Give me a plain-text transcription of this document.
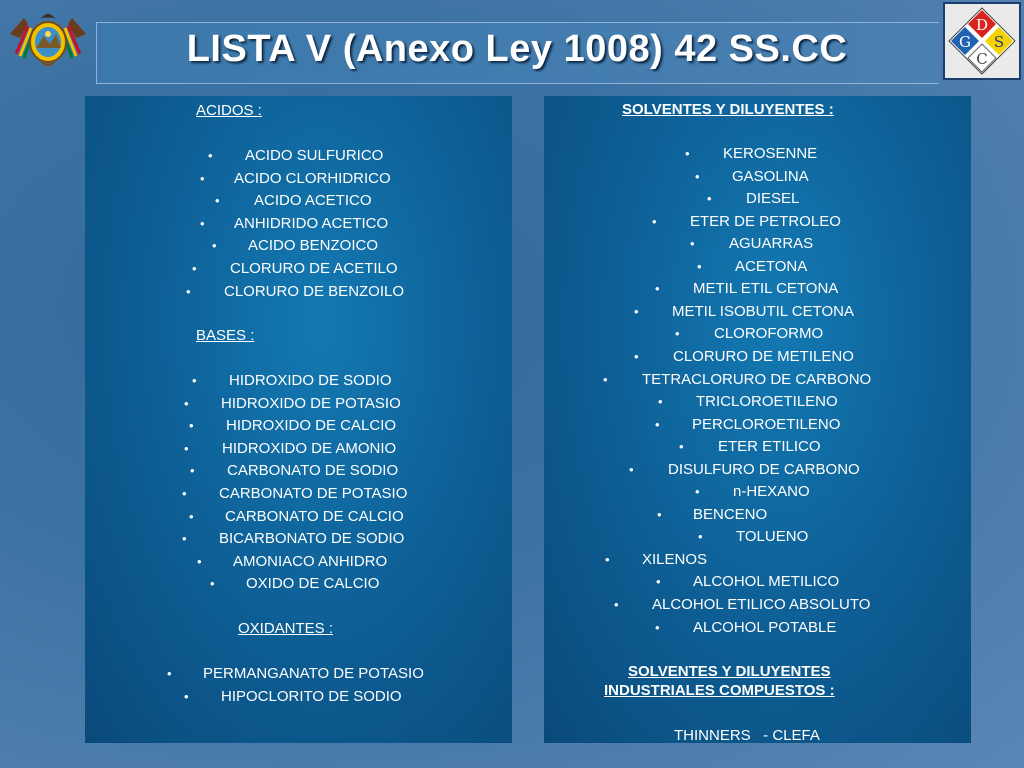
LISTA V (Anexo Ley 1008) 42 SS.CC
D
G S
C
ACIDOS :
• ACIDO SULFURICO
• ACIDO CLORHIDRICO
• ACIDO ACETICO
• ANHIDRIDO ACETICO
• ACIDO BENZOICO
• CLORURO DE ACETILO
• CLORURO DE BENZOILO
BASES :
• HIDROXIDO DE SODIO
• HIDROXIDO DE POTASIO
• HIDROXIDO DE CALCIO
• HIDROXIDO DE AMONIO
• CARBONATO DE SODIO
• CARBONATO DE POTASIO
• CARBONATO DE CALCIO
• BICARBONATO DE SODIO
• AMONIACO ANHIDRO
• OXIDO DE CALCIO
OXIDANTES :
• PERMANGANATO DE POTASIO
• HIPOCLORITO DE SODIO
SOLVENTES Y DILUYENTES :
• KEROSENNE
• GASOLINA
• DIESEL
• ETER DE PETROLEO
• AGUARRAS
• ACETONA
• METIL ETIL CETONA
• METIL ISOBUTIL CETONA
• CLOROFORMO
• CLORURO DE METILENO
• TETRACLORURO DE CARBONO
• TRICLOROETILENO
• PERCLOROETILENO
• ETER ETILICO
• DISULFURO DE CARBONO
• n-HEXANO
• BENCENO
• TOLUENO
• XILENOS
• ALCOHOL METILICO
• ALCOHOL ETILICO ABSOLUTO
• ALCOHOL POTABLE
SOLVENTES Y DILUYENTES
INDUSTRIALES COMPUESTOS :
THINNERS   - CLEFA
